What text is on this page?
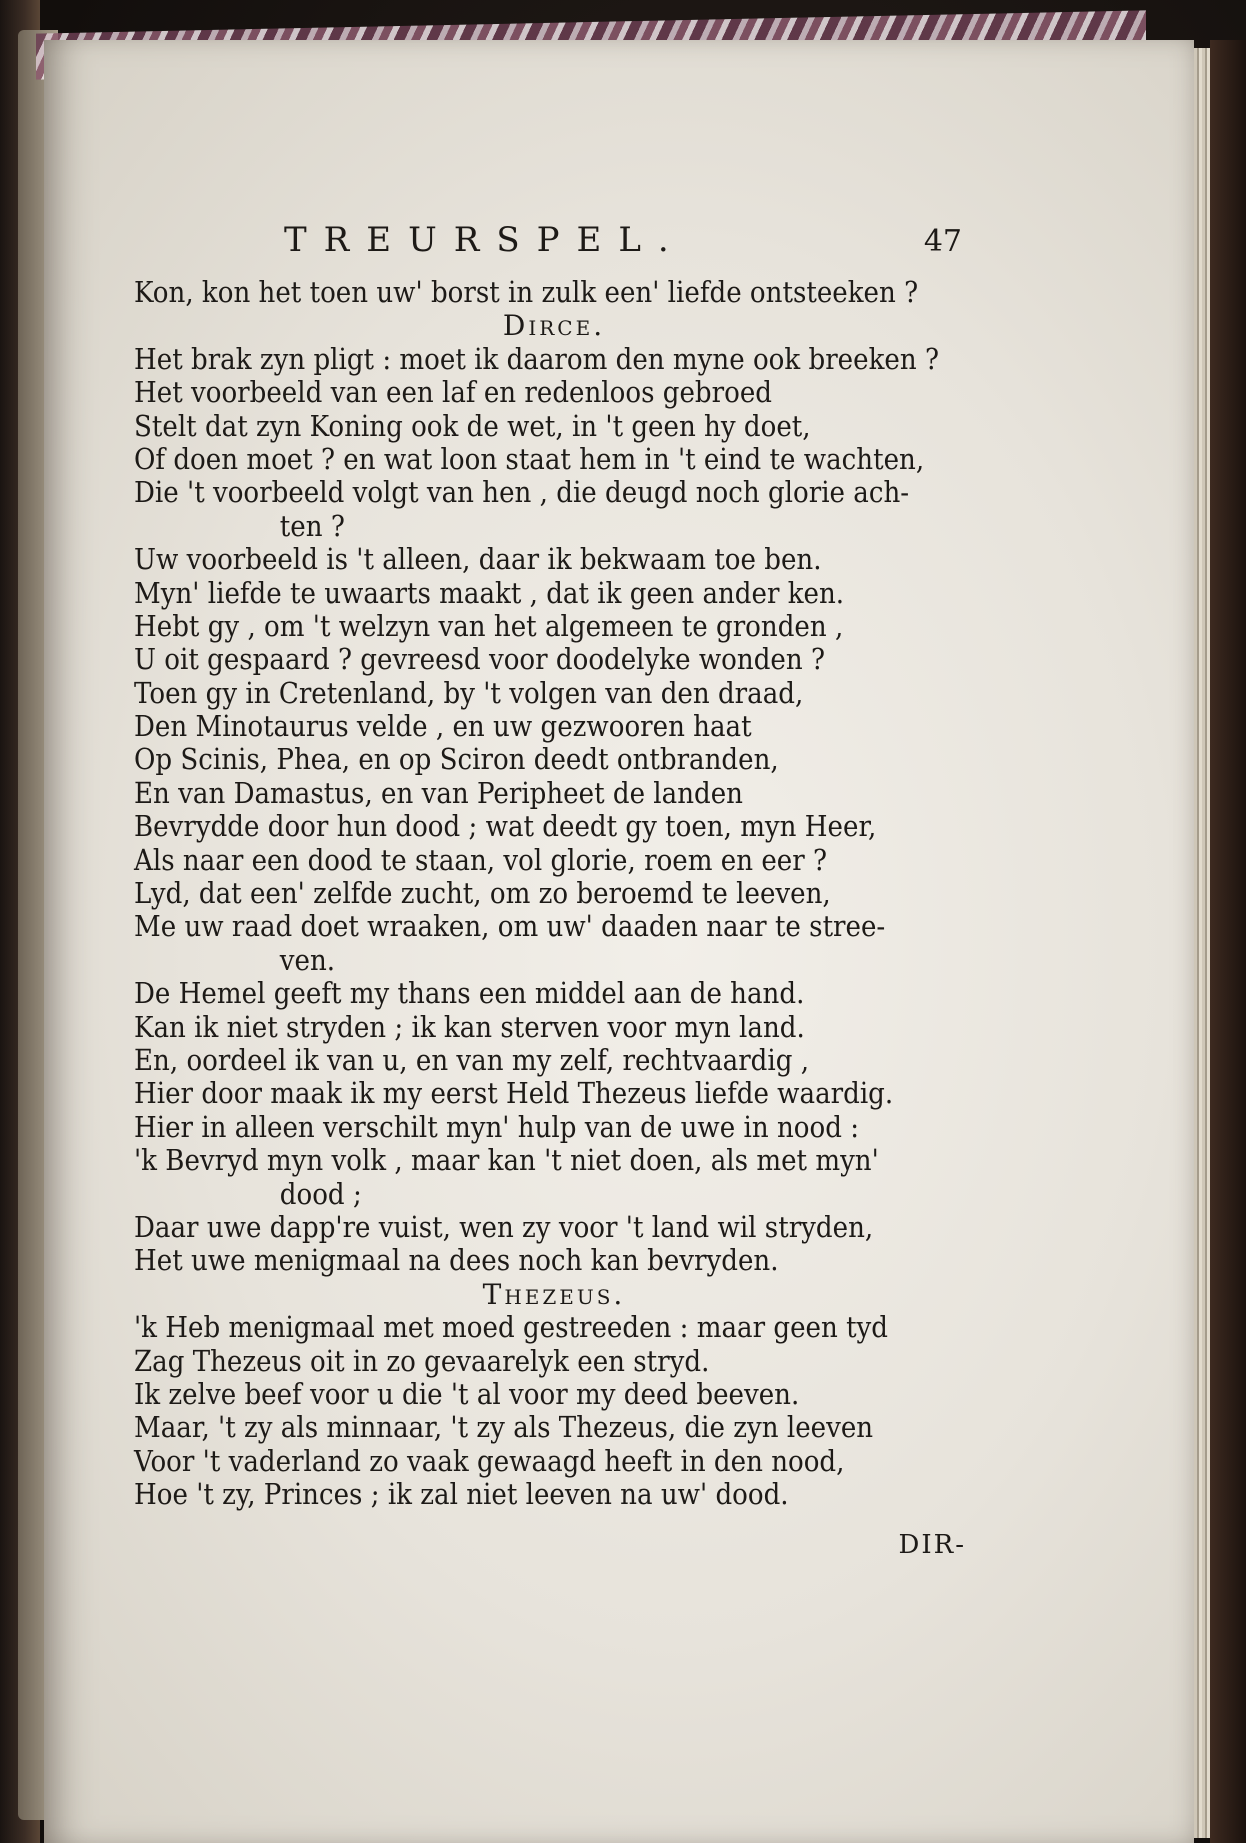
TREURSPEL.	47

Kon, kon het toen uw' borst in zulk een' liefde ontsteeken ?

Dirce.

Het brak zyn pligt : moet ik daarom den myne ook breeken ?

Het voorbeeld van een laf en redenloos gebroed

Stelt dat zyn Koning ook de wet, in 't geen hy doet,

Of doen moet ? en wat loon staat hem in 't eind te wachten,

Die 't voorbeeld volgt van hen , die deugd noch glorie ach-

ten ?

Uw voorbeeld is 't alleen, daar ik bekwaam toe ben.

Myn' liefde te uwaarts maakt , dat ik geen ander ken.

Hebt gy , om 't welzyn van het algemeen te gronden ,

U oit gespaard ? gevreesd voor doodelyke wonden ?

Toen gy in Cretenland, by 't volgen van den draad,

Den Minotaurus velde , en uw gezwooren haat

Op Scinis, Phea, en op Sciron deedt ontbranden,

En van Damastus, en van Peripheet de landen

Bevrydde door hun dood ; wat deedt gy toen, myn Heer,

Als naar een dood te staan, vol glorie, roem en eer ?

Lyd, dat een' zelfde zucht, om zo beroemd te leeven,

Me uw raad doet wraaken, om uw' daaden naar te stree-

ven.

De Hemel geeft my thans een middel aan de hand.

Kan ik niet stryden ; ik kan sterven voor myn land.

En, oordeel ik van u, en van my zelf, rechtvaardig ,

Hier door maak ik my eerst Held Thezeus liefde waardig.

Hier in alleen verschilt myn' hulp van de uwe in nood :

'k Bevryd myn volk , maar kan 't niet doen, als met myn'

dood ;

Daar uwe dapp're vuist, wen zy voor 't land wil stryden,

Het uwe menigmaal na dees noch kan bevryden.

Thezeus.

'k Heb menigmaal met moed gestreeden : maar geen tyd

Zag Thezeus oit in zo gevaarelyk een stryd.

Ik zelve beef voor u die 't al voor my deed beeven.

Maar, 't zy als minnaar, 't zy als Thezeus, die zyn leeven

Voor 't vaderland zo vaak gewaagd heeft in den nood,

Hoe 't zy, Princes ; ik zal niet leeven na uw' dood.

DIR-
